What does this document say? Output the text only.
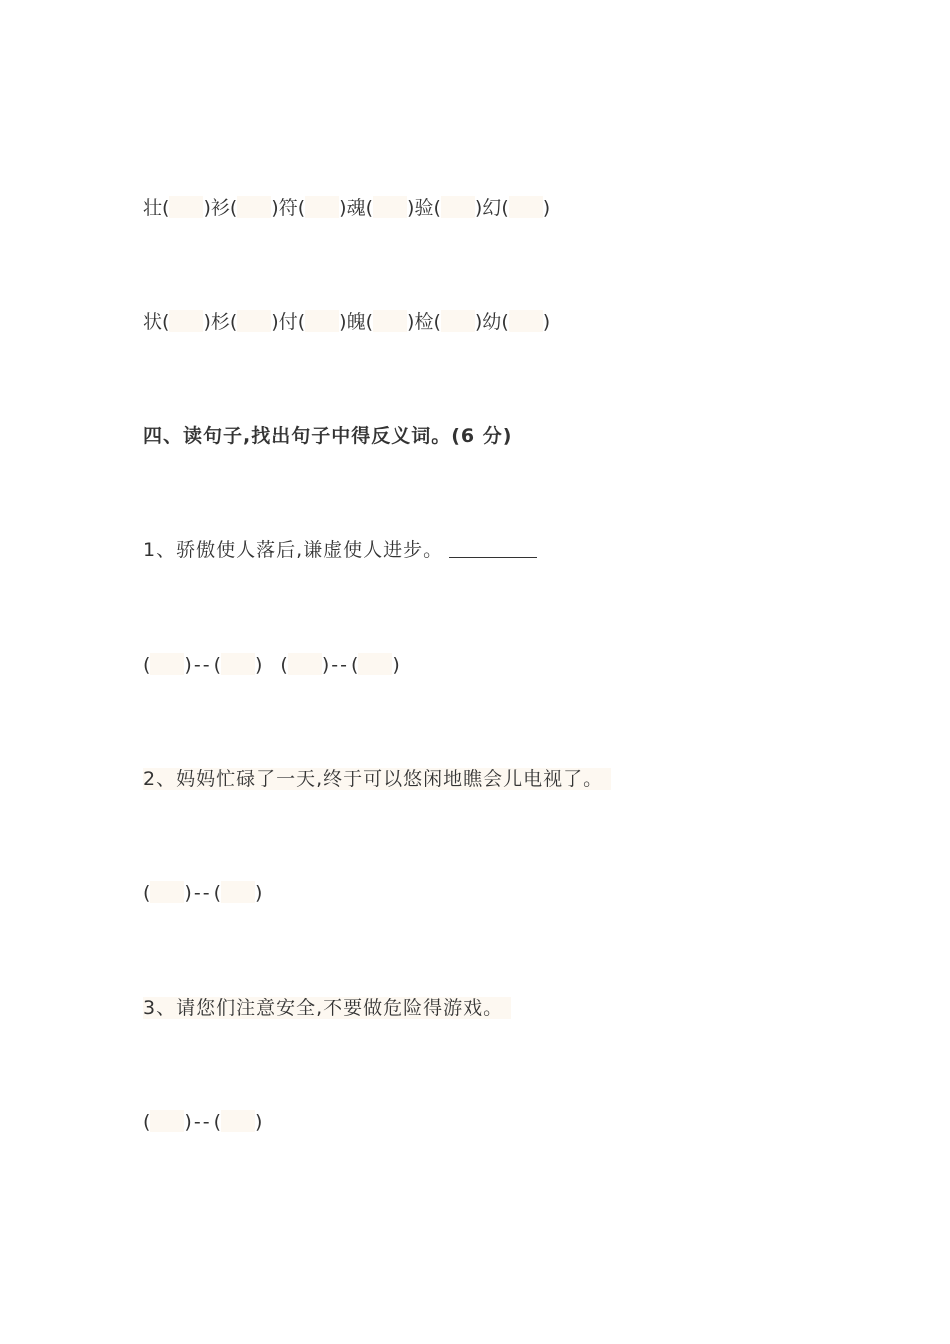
壮( )衫( )符( )魂( )验( )幻( )
状( )杉( )付( )魄( )检( )幼( )
四、读句子,找出句子中得反义词。(6 分)
1、骄傲使人落后,谦虚使人进步。
( ) -- ( ) ( ) -- ( )
2、妈妈忙碌了一天,终于可以悠闲地瞧会儿电视了。
( ) -- ( )
3、请您们注意安全,不要做危险得游戏。
( ) -- ( )
